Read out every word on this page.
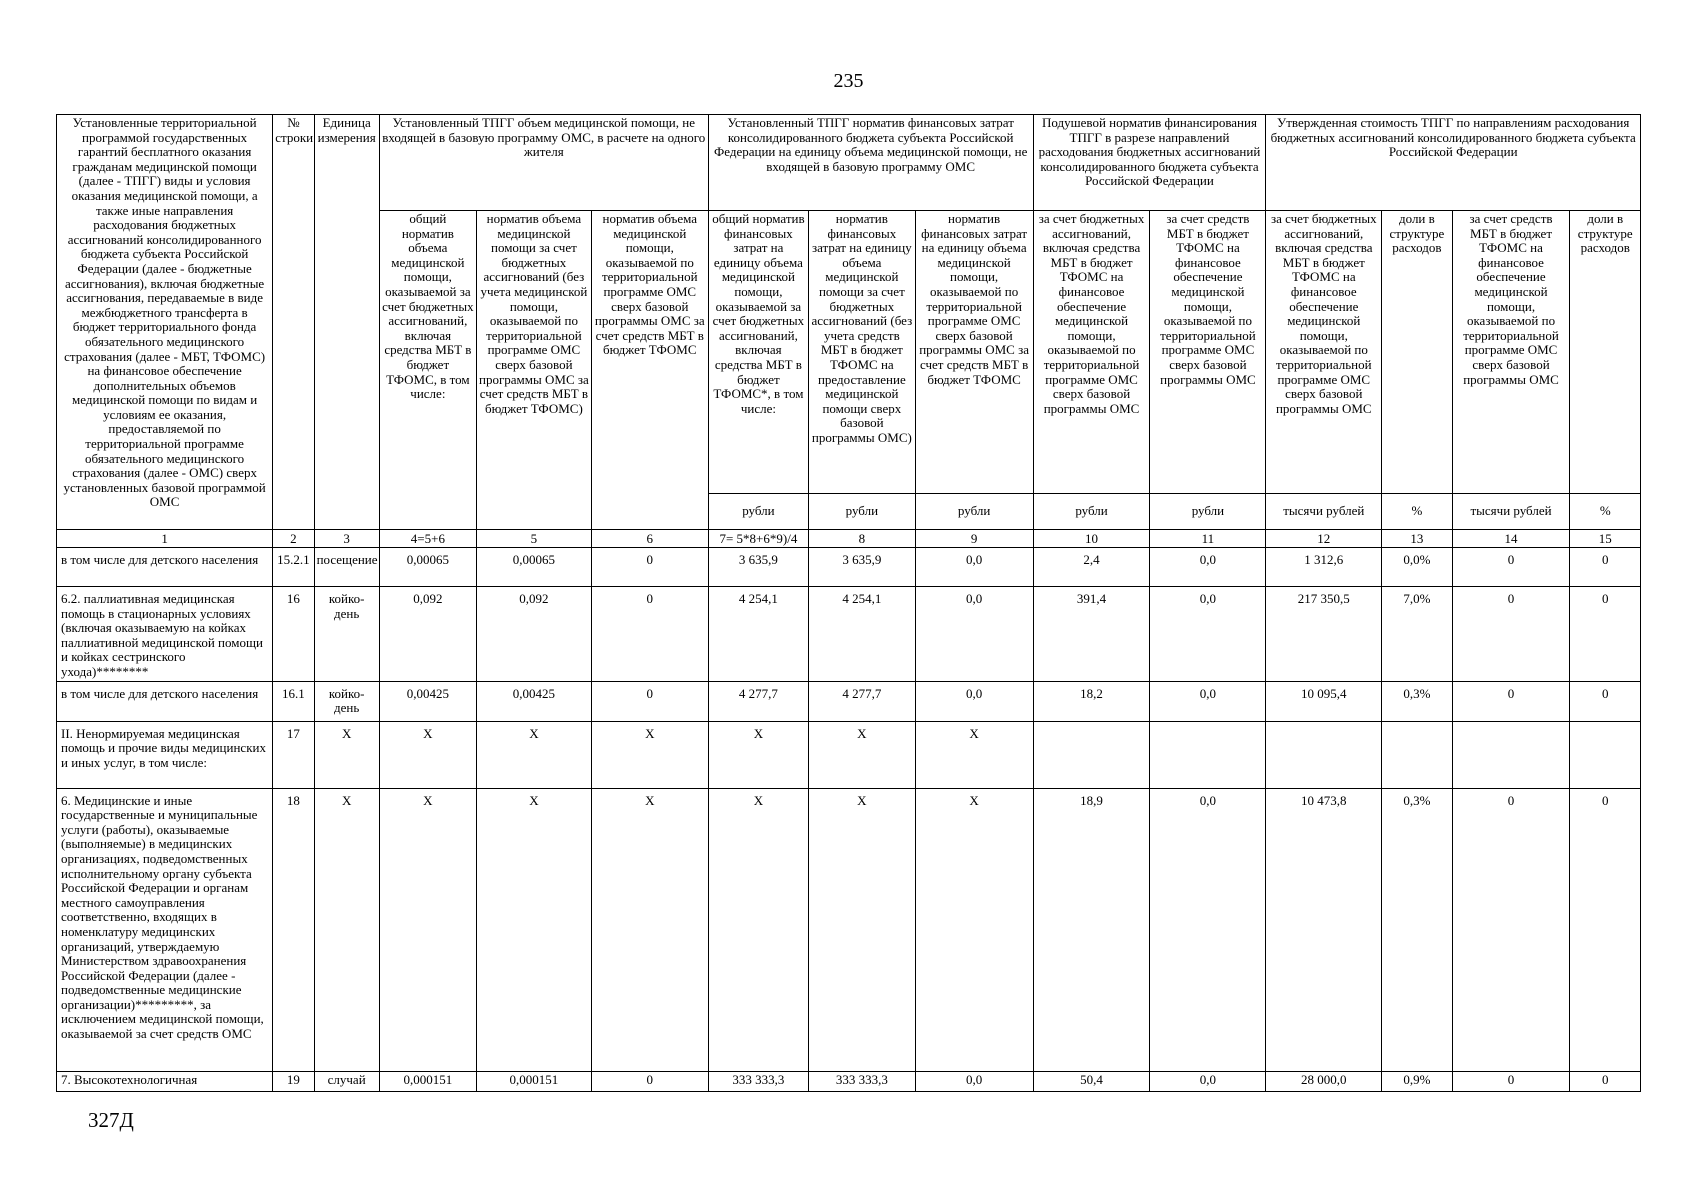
235
Установленные территориальной программой государственных гарантий бесплатного оказания гражданам медицинской помощи (далее - ТПГГ) виды и условия оказания медицинской помощи, а также иные направления расходования бюджетных ассигнований консолидированного бюджета субъекта Российской Федерации (далее - бюджетные ассигнования), включая бюджетные ассигнования, передаваемые в виде межбюджетного трансферта в бюджет территориального фонда обязательного медицинского страхования (далее - МБТ, ТФОМС) на финансовое обеспечение дополнительных объемов медицинской помощи по видам и условиям ее оказания, предоставляемой по территориальной программе обязательного медицинского страхования (далее - ОМС) сверх установленных базовой программой ОМС	№ строки	Единица измерения	Установленный ТПГГ объем медицинской помощи, не входящей в базовую программу ОМС, в расчете на одного жителя			Установленный ТПГГ норматив финансовых затрат консолидированного бюджета субъекта Российской Федерации на единицу объема медицинской помощи, не входящей в базовую программу ОМС			Подушевой норматив финансирования ТПГГ в разрезе направлений расходования бюджетных ассигнований консолидированного бюджета субъекта Российской Федерации		Утвержденная стоимость ТПГГ по направлениям расходования бюджетных ассигнований консолидированного бюджета субъекта Российской Федерации			
			общий норматив объема медицинской помощи, оказываемой за счет бюджетных ассигнований, включая средства МБТ в бюджет ТФОМС, в том числе:	норматив объема медицинской помощи за счет бюджетных ассигнований (без учета медицинской помощи, оказываемой по территориальной программе ОМС сверх базовой программы ОМС за счет средств МБТ в бюджет ТФОМС)	норматив объема медицинской помощи, оказываемой по территориальной программе ОМС сверх базовой программы ОМС за счет средств МБТ в бюджет ТФОМС	общий норматив финансовых затрат на единицу объема медицинской помощи, оказываемой за счет бюджетных ассигнований, включая средства МБТ в бюджет ТФОМС*, в том числе:	норматив финансовых затрат на единицу объема медицинской помощи за счет бюджетных ассигнований (без учета средств МБТ в бюджет ТФОМС на предоставление медицинской помощи сверх базовой программы ОМС)	норматив финансовых затрат на единицу объема медицинской помощи, оказываемой по территориальной программе ОМС сверх базовой программы ОМС за счет средств МБТ в бюджет ТФОМС	за счет бюджетных ассигнований, включая средства МБТ в бюджет ТФОМС на финансовое обеспечение медицинской помощи, оказываемой по территориальной программе ОМС сверх базовой программы ОМС	за счет средств МБТ в бюджет ТФОМС на финансовое обеспечение медицинской помощи, оказываемой по территориальной программе ОМС сверх базовой программы ОМС	за счет бюджетных ассигнований, включая средства МБТ в бюджет ТФОМС на финансовое обеспечение медицинской помощи, оказываемой по территориальной программе ОМС сверх базовой программы ОМС	доли в структуре расходов	за счет средств МБТ в бюджет ТФОМС на финансовое обеспечение медицинской помощи, оказываемой по территориальной программе ОМС сверх базовой программы ОМС	доли в структуре расходов
						рубли	рубли	рубли	рубли	рубли	тысячи рублей	%	тысячи рублей	%
1	2	3	4=5+6	5	6	7= 5*8+6*9)/4	8	9	10	11	12	13	14	15
в том числе для детского населения	15.2.1	посещение	0,00065	0,00065	0	3 635,9	3 635,9	0,0	2,4	0,0	1 312,6	0,0%	0	0
6.2. паллиативная медицинская помощь в стационарных условиях (включая оказываемую на койках паллиативной медицинской помощи и койках сестринского ухода)********	16	койко-день	0,092	0,092	0	4 254,1	4 254,1	0,0	391,4	0,0	217 350,5	7,0%	0	0
в том числе для детского населения	16.1	койко-день	0,00425	0,00425	0	4 277,7	4 277,7	0,0	18,2	0,0	10 095,4	0,3%	0	0
II. Ненормируемая медицинская помощь и прочие виды медицинских и иных услуг, в том числе:	17	X	X	X	X	X	X	X						
6. Медицинские и иные государственные и муниципальные услуги (работы), оказываемые (выполняемые) в медицинских организациях, подведомственных исполнительному органу субъекта Российской Федерации и органам местного самоуправления соответственно, входящих в номенклатуру медицинских организаций, утверждаемую Министерством здравоохранения Российской Федерации (далее - подведомственные медицинские организации)*********, за исключением медицинской помощи, оказываемой за счет средств ОМС	18	X	X	X	X	X	X	X	18,9	0,0	10 473,8	0,3%	0	0
7. Высокотехнологичная	19	случай	0,000151	0,000151	0	333 333,3	333 333,3	0,0	50,4	0,0	28 000,0	0,9%	0	0
327Д
